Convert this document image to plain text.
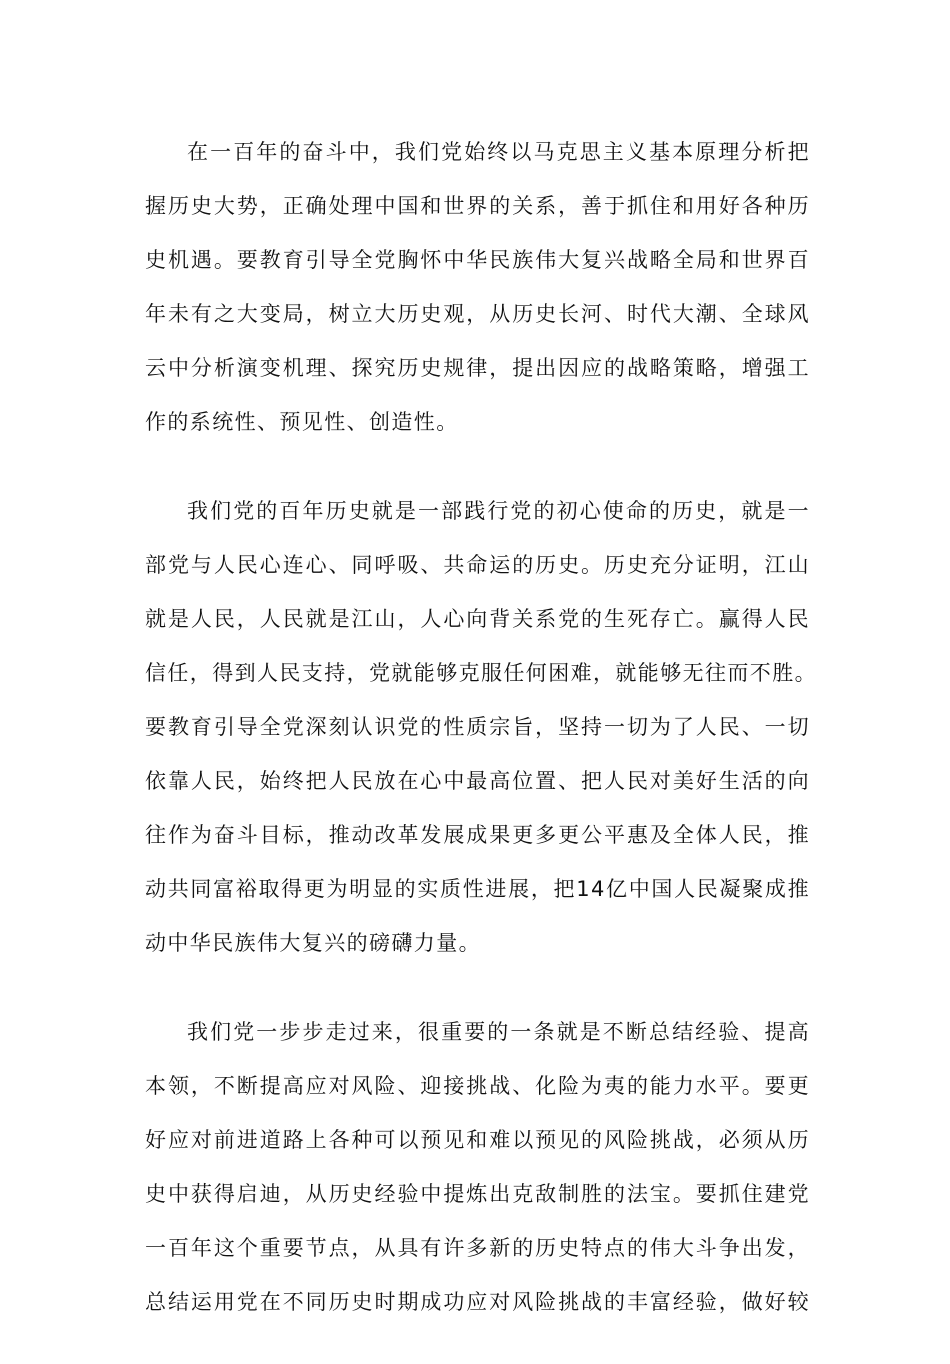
在一百年的奋斗中，我们党始终以马克思主义基本原理分析把
握历史大势，正确处理中国和世界的关系，善于抓住和用好各种历
史机遇。要教育引导全党胸怀中华民族伟大复兴战略全局和世界百
年未有之大变局，树立大历史观，从历史长河、时代大潮、全球风
云中分析演变机理、探究历史规律，提出因应的战略策略，增强工
作的系统性、预见性、创造性。
我们党的百年历史就是一部践行党的初心使命的历史，就是一
部党与人民心连心、同呼吸、共命运的历史。历史充分证明，江山
就是人民，人民就是江山，人心向背关系党的生死存亡。赢得人民
信任，得到人民支持，党就能够克服任何困难，就能够无往而不胜。
要教育引导全党深刻认识党的性质宗旨，坚持一切为了人民、一切
依靠人民，始终把人民放在心中最高位置、把人民对美好生活的向
往作为奋斗目标，推动改革发展成果更多更公平惠及全体人民，推
动共同富裕取得更为明显的实质性进展，把14亿中国人民凝聚成推
动中华民族伟大复兴的磅礴力量。
我们党一步步走过来，很重要的一条就是不断总结经验、提高
本领，不断提高应对风险、迎接挑战、化险为夷的能力水平。要更
好应对前进道路上各种可以预见和难以预见的风险挑战，必须从历
史中获得启迪，从历史经验中提炼出克敌制胜的法宝。要抓住建党
一百年这个重要节点，从具有许多新的历史特点的伟大斗争出发，
总结运用党在不同历史时期成功应对风险挑战的丰富经验，做好较
